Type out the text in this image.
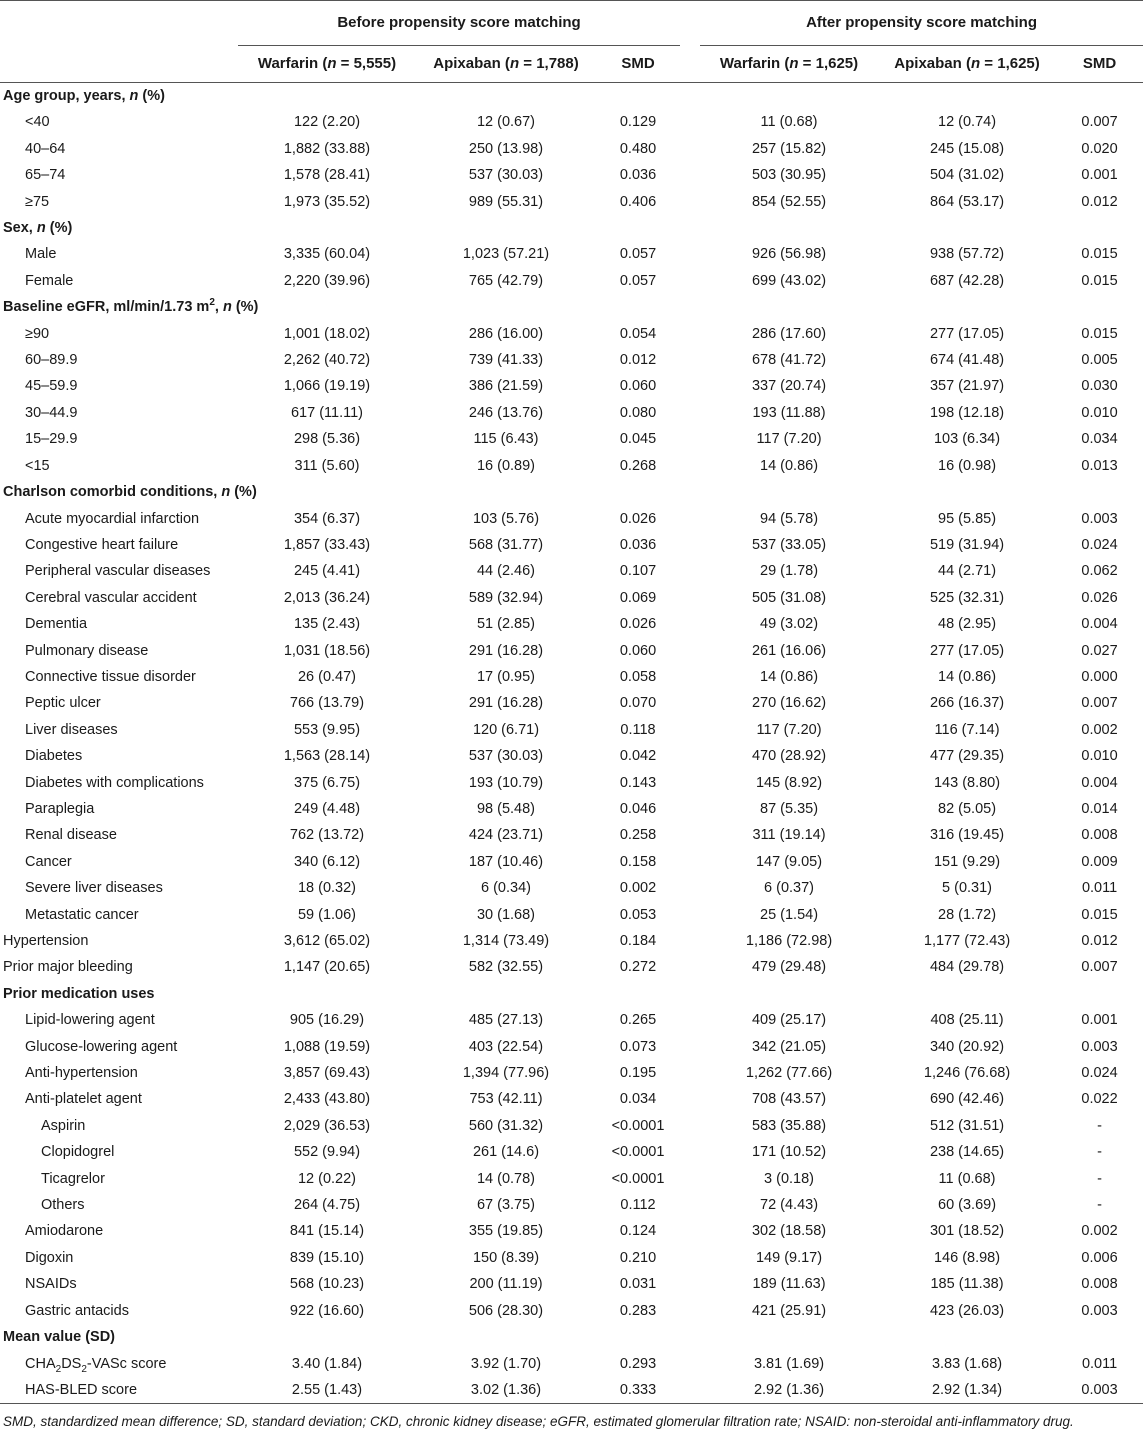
	Before propensity score matching				After propensity score matching		
	Warfarin (n = 5,555)	Apixaban (n = 1,788)	SMD		Warfarin (n = 1,625)	Apixaban (n = 1,625)	SMD
Age group, years, n (%)							
<40	122 (2.20)	12 (0.67)	0.129		11 (0.68)	12 (0.74)	0.007
40–64	1,882 (33.88)	250 (13.98)	0.480		257 (15.82)	245 (15.08)	0.020
65–74	1,578 (28.41)	537 (30.03)	0.036		503 (30.95)	504 (31.02)	0.001
≥75	1,973 (35.52)	989 (55.31)	0.406		854 (52.55)	864 (53.17)	0.012
Sex, n (%)							
Male	3,335 (60.04)	1,023 (57.21)	0.057		926 (56.98)	938 (57.72)	0.015
Female	2,220 (39.96)	765 (42.79)	0.057		699 (43.02)	687 (42.28)	0.015
Baseline eGFR, ml/min/1.73 $m^2$, n (%)							
≥90	1,001 (18.02)	286 (16.00)	0.054		286 (17.60)	277 (17.05)	0.015
60–89.9	2,262 (40.72)	739 (41.33)	0.012		678 (41.72)	674 (41.48)	0.005
45–59.9	1,066 (19.19)	386 (21.59)	0.060		337 (20.74)	357 (21.97)	0.030
30–44.9	617 (11.11)	246 (13.76)	0.080		193 (11.88)	198 (12.18)	0.010
15–29.9	298 (5.36)	115 (6.43)	0.045		117 (7.20)	103 (6.34)	0.034
<15	311 (5.60)	16 (0.89)	0.268		14 (0.86)	16 (0.98)	0.013
Charlson comorbid conditions, n (%)							
Acute myocardial infarction	354 (6.37)	103 (5.76)	0.026		94 (5.78)	95 (5.85)	0.003
Congestive heart failure	1,857 (33.43)	568 (31.77)	0.036		537 (33.05)	519 (31.94)	0.024
Peripheral vascular diseases	245 (4.41)	44 (2.46)	0.107		29 (1.78)	44 (2.71)	0.062
Cerebral vascular accident	2,013 (36.24)	589 (32.94)	0.069		505 (31.08)	525 (32.31)	0.026
Dementia	135 (2.43)	51 (2.85)	0.026		49 (3.02)	48 (2.95)	0.004
Pulmonary disease	1,031 (18.56)	291 (16.28)	0.060		261 (16.06)	277 (17.05)	0.027
Connective tissue disorder	26 (0.47)	17 (0.95)	0.058		14 (0.86)	14 (0.86)	0.000
Peptic ulcer	766 (13.79)	291 (16.28)	0.070		270 (16.62)	266 (16.37)	0.007
Liver diseases	553 (9.95)	120 (6.71)	0.118		117 (7.20)	116 (7.14)	0.002
Diabetes	1,563 (28.14)	537 (30.03)	0.042		470 (28.92)	477 (29.35)	0.010
Diabetes with complications	375 (6.75)	193 (10.79)	0.143		145 (8.92)	143 (8.80)	0.004
Paraplegia	249 (4.48)	98 (5.48)	0.046		87 (5.35)	82 (5.05)	0.014
Renal disease	762 (13.72)	424 (23.71)	0.258		311 (19.14)	316 (19.45)	0.008
Cancer	340 (6.12)	187 (10.46)	0.158		147 (9.05)	151 (9.29)	0.009
Severe liver diseases	18 (0.32)	6 (0.34)	0.002		6 (0.37)	5 (0.31)	0.011
Metastatic cancer	59 (1.06)	30 (1.68)	0.053		25 (1.54)	28 (1.72)	0.015
Hypertension	3,612 (65.02)	1,314 (73.49)	0.184		1,186 (72.98)	1,177 (72.43)	0.012
Prior major bleeding	1,147 (20.65)	582 (32.55)	0.272		479 (29.48)	484 (29.78)	0.007
Prior medication uses							
Lipid-lowering agent	905 (16.29)	485 (27.13)	0.265		409 (25.17)	408 (25.11)	0.001
Glucose-lowering agent	1,088 (19.59)	403 (22.54)	0.073		342 (21.05)	340 (20.92)	0.003
Anti-hypertension	3,857 (69.43)	1,394 (77.96)	0.195		1,262 (77.66)	1,246 (76.68)	0.024
Anti-platelet agent	2,433 (43.80)	753 (42.11)	0.034		708 (43.57)	690 (42.46)	0.022
Aspirin	2,029 (36.53)	560 (31.32)	<0.0001		583 (35.88)	512 (31.51)	-
Clopidogrel	552 (9.94)	261 (14.6)	<0.0001		171 (10.52)	238 (14.65)	-
Ticagrelor	12 (0.22)	14 (0.78)	<0.0001		3 (0.18)	11 (0.68)	-
Others	264 (4.75)	67 (3.75)	0.112		72 (4.43)	60 (3.69)	-
Amiodarone	841 (15.14)	355 (19.85)	0.124		302 (18.58)	301 (18.52)	0.002
Digoxin	839 (15.10)	150 (8.39)	0.210		149 (9.17)	146 (8.98)	0.006
NSAIDs	568 (10.23)	200 (11.19)	0.031		189 (11.63)	185 (11.38)	0.008
Gastric antacids	922 (16.60)	506 (28.30)	0.283		421 (25.91)	423 (26.03)	0.003
Mean value (SD)							
$CHA_2DS_2$-VASc score	3.40 (1.84)	3.92 (1.70)	0.293		3.81 (1.69)	3.83 (1.68)	0.011
HAS-BLED score	2.55 (1.43)	3.02 (1.36)	0.333		2.92 (1.36)	2.92 (1.34)	0.003
SMD, standardized mean difference; SD, standard deviation; CKD, chronic kidney disease; eGFR, estimated glomerular filtration rate; NSAID: non-steroidal anti-inflammatory drug.
